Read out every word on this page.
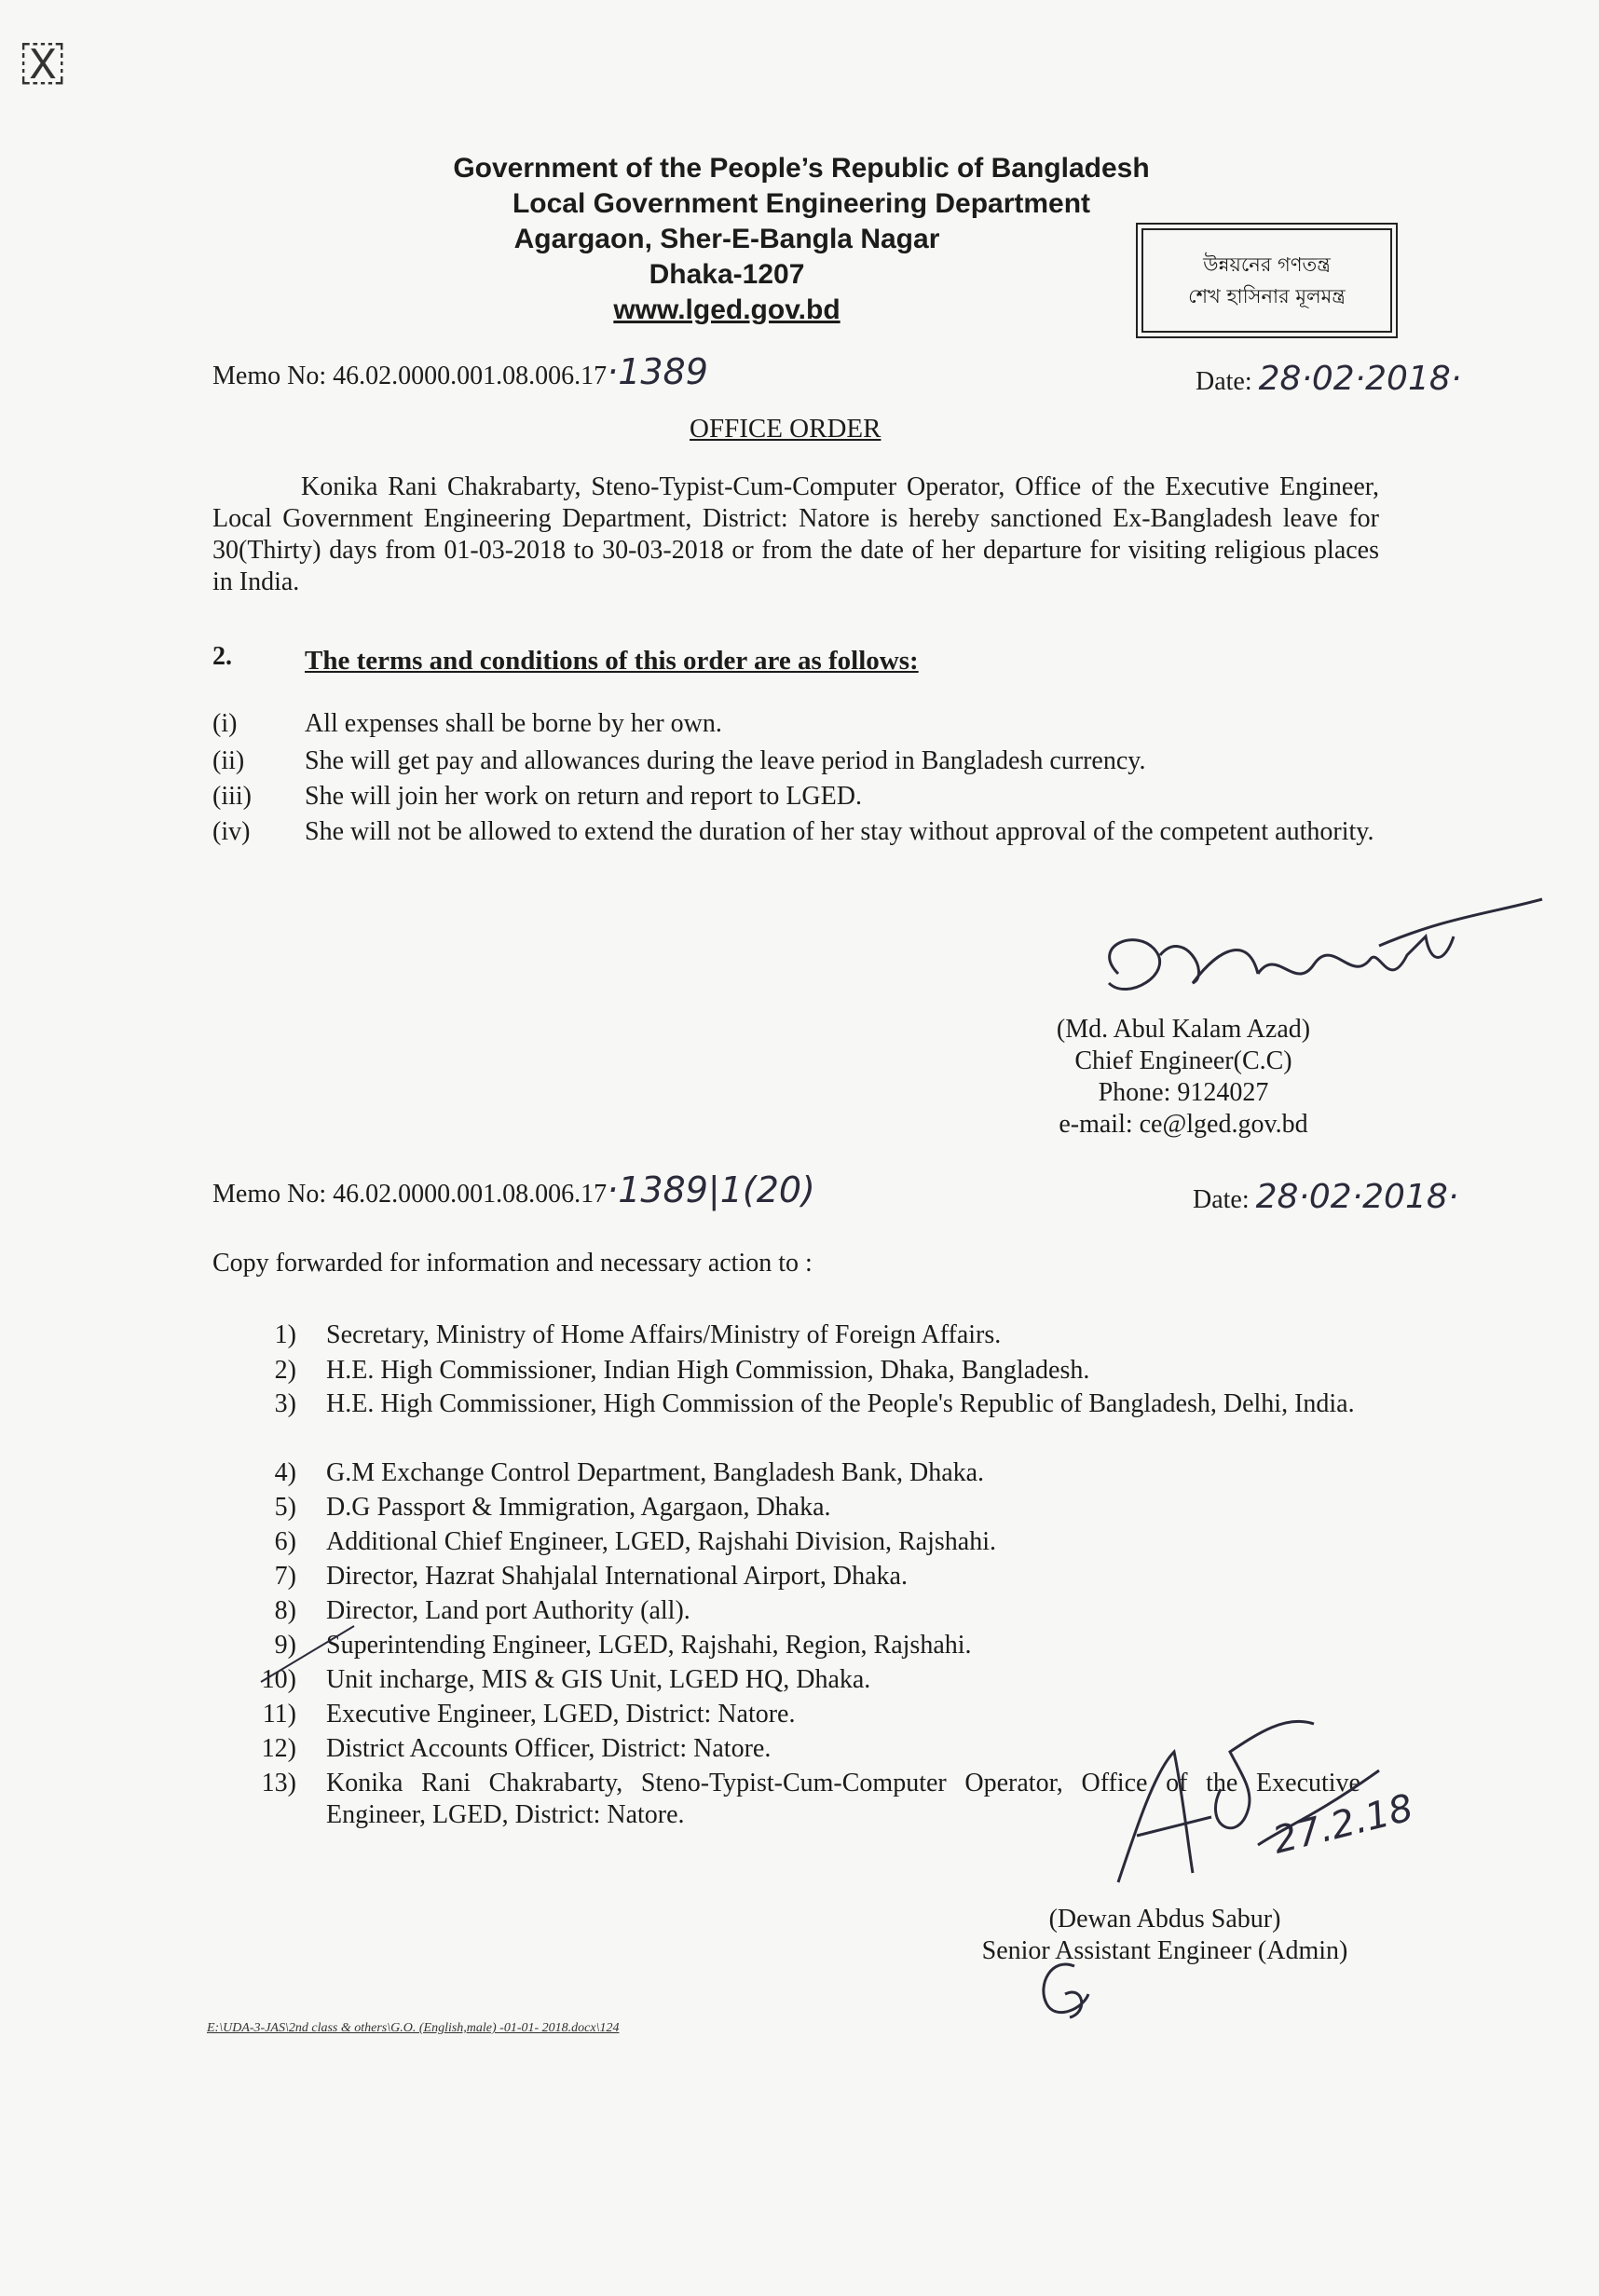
🇽
Government of the People’s Republic of Bangladesh
Local Government Engineering Department
Agargaon, Sher-E-Bangla Nagar
Dhaka-1207
www.lged.gov.bd
উন্নয়নের গণতন্ত্র
শেখ হাসিনার মূলমন্ত্র
Memo No: 46.02.0000.001.08.006.17·1389	Date: 28·02·2018·
OFFICE ORDER
Konika Rani Chakrabarty, Steno-Typist-Cum-Computer Operator, Office of the Executive Engineer, Local Government Engineering Department, District: Natore is hereby sanctioned Ex-Bangladesh leave for 30(Thirty) days from 01-03-2018 to 30-03-2018 or from the date of her departure for visiting religious places in India.
2.	The terms and conditions of this order are as follows:
(i)	All expenses shall be borne by her own.
(ii) She will get pay and allowances during the leave period in Bangladesh currency.
(iii) She will join her work on return and report to LGED.
(iv) She will not be allowed to extend the duration of her stay without approval of the competent authority.
(Md. Abul Kalam Azad)
Chief Engineer(C.C)
Phone: 9124027
e-mail: ce@lged.gov.bd
Memo No: 46.02.0000.001.08.006.17·1389|1(20)	Date: 28·02·2018·
Copy forwarded for information and necessary action to :
1) Secretary, Ministry of Home Affairs/Ministry of Foreign Affairs.
2) H.E. High Commissioner, Indian High Commission, Dhaka, Bangladesh.
3) H.E. High Commissioner, High Commission of the People's Republic of Bangladesh, Delhi, India.
4) G.M Exchange Control Department, Bangladesh Bank, Dhaka.
5) D.G Passport & Immigration, Agargaon, Dhaka.
6) Additional Chief Engineer, LGED, Rajshahi Division, Rajshahi.
7) Director, Hazrat Shahjalal International Airport, Dhaka.
8) Director, Land port Authority (all).
9) Superintending Engineer, LGED, Rajshahi, Region, Rajshahi.
10) Unit incharge, MIS & GIS Unit, LGED HQ, Dhaka.
11) Executive Engineer, LGED, District: Natore.
12) District Accounts Officer, District: Natore.
13) Konika Rani Chakrabarty, Steno-Typist-Cum-Computer Operator, Office of the Executive Engineer, LGED, District: Natore.	27.2.18
(Dewan Abdus Sabur)
Senior Assistant Engineer (Admin)
E:\UDA-3-JAS\2nd class & others\G.O. (English,male) -01-01- 2018.docx\124
